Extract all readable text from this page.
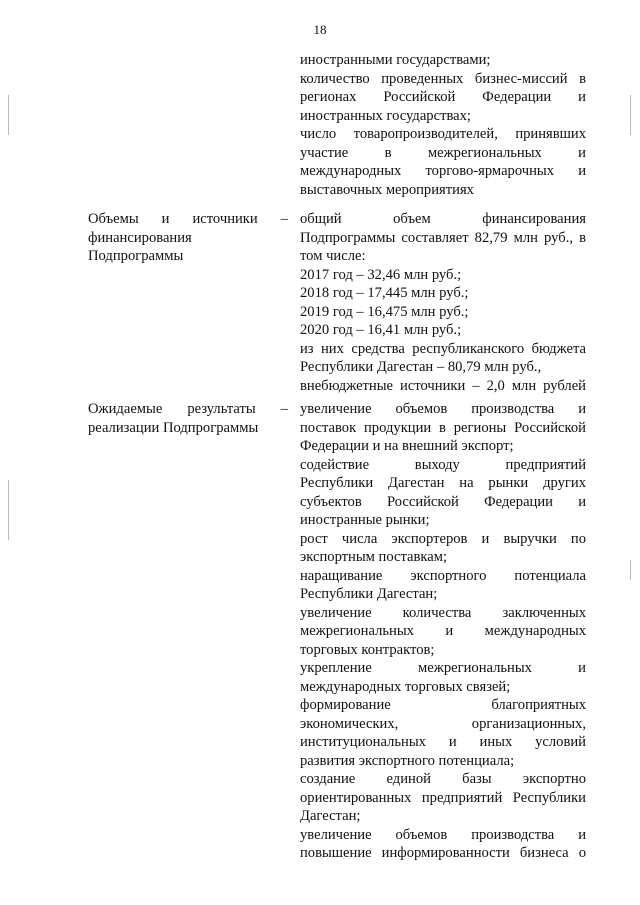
18
иностранными государствами;
количество проведенных бизнес-миссий в
регионах Российской Федерации и
иностранных государствах;
число товаропроизводителей, принявших
участие в межрегиональных и
международных торгово-ярмарочных и
выставочных мероприятиях
Объемы и источники –
финансирования
Подпрограммы
общий объем финансирования
Подпрограммы составляет 82,79 млн руб., в
том числе:
2017 год – 32,46 млн руб.;
2018 год – 17,445 млн руб.;
2019 год – 16,475 млн руб.;
2020 год – 16,41 млн руб.;
из них средства республиканского бюджета
Республики Дагестан – 80,79 млн руб.,
внебюджетные источники – 2,0 млн рублей
Ожидаемые результаты –
реализации Подпрограммы
увеличение объемов производства и
поставок продукции в регионы Российской
Федерации и на внешний экспорт;
содействие выходу предприятий
Республики Дагестан на рынки других
субъектов Российской Федерации и
иностранные рынки;
рост числа экспортеров и выручки по
экспортным поставкам;
наращивание экспортного потенциала
Республики Дагестан;
увеличение количества заключенных
межрегиональных и международных
торговых контрактов;
укрепление межрегиональных и
международных торговых связей;
формирование благоприятных
экономических, организационных,
институциональных и иных условий
развития экспортного потенциала;
создание единой базы экспортно
ориентированных предприятий Республики
Дагестан;
увеличение объемов производства и
повышение информированности бизнеса о
